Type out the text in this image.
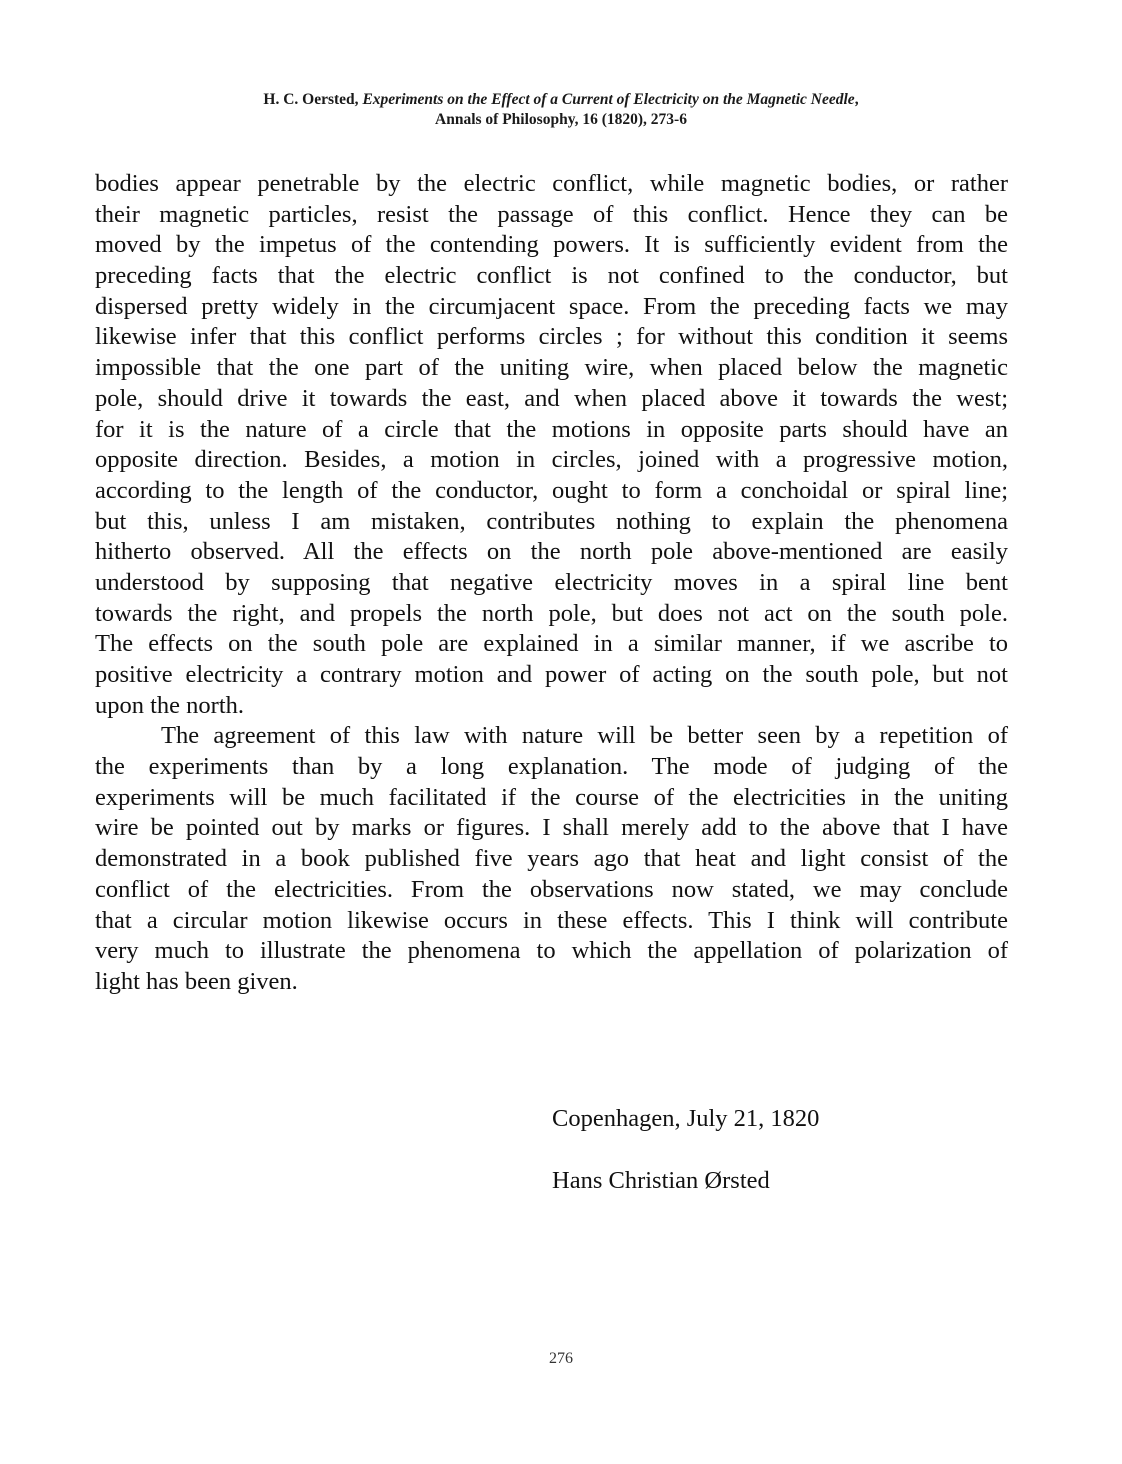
H. C. Oersted, Experiments on the Effect of a Current of Electricity on the Magnetic Needle,
Annals of Philosophy, 16 (1820), 273-6
bodies appear penetrable by the electric conflict, while magnetic bodies, or rather
their magnetic particles, resist the passage of this conflict. Hence they can be
moved by the impetus of the contending powers. It is sufficiently evident from the
preceding facts that the electric conflict is not confined to the conductor, but
dispersed pretty widely in the circumjacent space. From the preceding facts we may
likewise infer that this conflict performs circles ; for without this condition it seems
impossible that the one part of the uniting wire, when placed below the magnetic
pole, should drive it towards the east, and when placed above it towards the west;
for it is the nature of a circle that the motions in opposite parts should have an
opposite direction. Besides, a motion in circles, joined with a progressive motion,
according to the length of the conductor, ought to form a conchoidal or spiral line;
but this, unless I am mistaken, contributes nothing to explain the phenomena
hitherto observed. All the effects on the north pole above-mentioned are easily
understood by supposing that negative electricity moves in a spiral line bent
towards the right, and propels the north pole, but does not act on the south pole.
The effects on the south pole are explained in a similar manner, if we ascribe to
positive electricity a contrary motion and power of acting on the south pole, but not
upon the north.
The agreement of this law with nature will be better seen by a repetition of
the experiments than by a long explanation. The mode of judging of the
experiments will be much facilitated if the course of the electricities in the uniting
wire be pointed out by marks or figures. I shall merely add to the above that I have
demonstrated in a book published five years ago that heat and light consist of the
conflict of the electricities. From the observations now stated, we may conclude
that a circular motion likewise occurs in these effects. This I think will contribute
very much to illustrate the phenomena to which the appellation of polarization of
light has been given.
Copenhagen, July 21, 1820
Hans Christian Ørsted
276
